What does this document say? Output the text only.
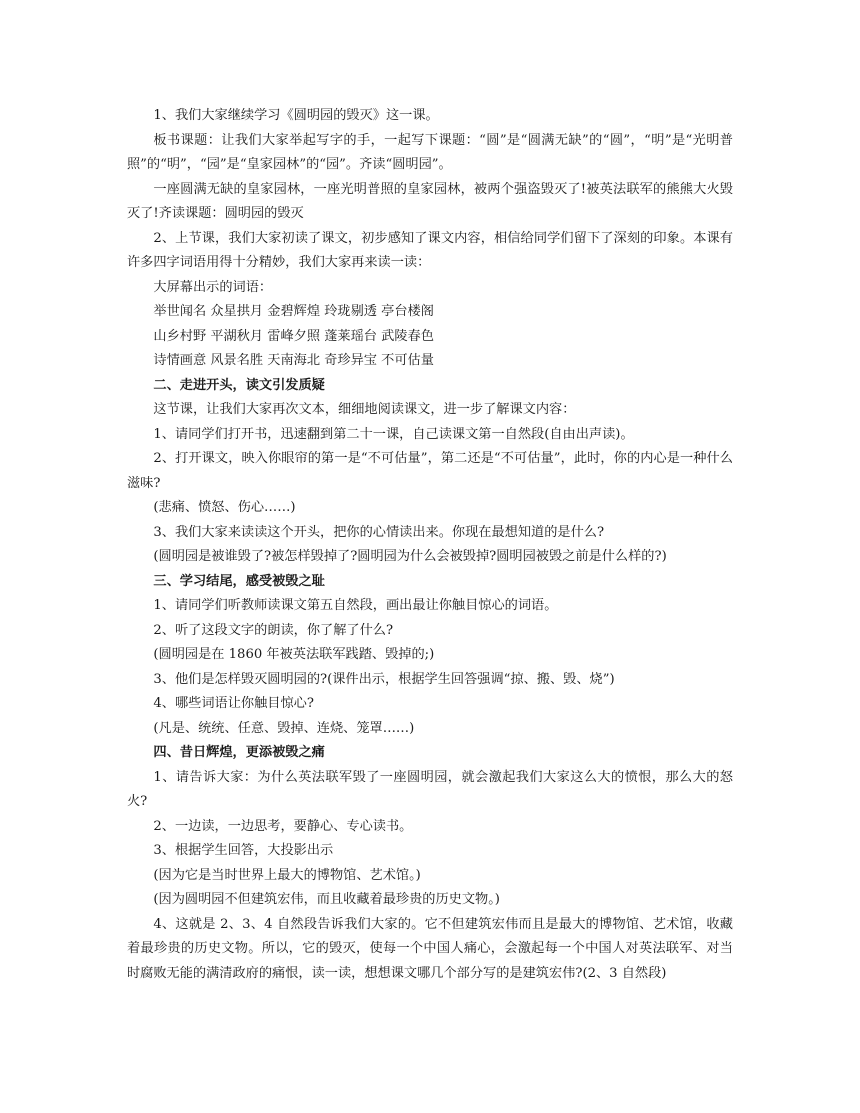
1、我们大家继续学习《圆明园的毁灭》这一课。

板书课题：让我们大家举起写字的手，一起写下课题：“圆”是“圆满无缺”的“圆”，“明”是“光明普照”的“明”，“园”是“皇家园林”的“园”。齐读“圆明园”。

一座圆满无缺的皇家园林，一座光明普照的皇家园林，被两个强盗毁灭了!被英法联军的熊熊大火毁灭了!齐读课题：圆明园的毁灭

2、上节课，我们大家初读了课文，初步感知了课文内容，相信给同学们留下了深刻的印象。本课有许多四字词语用得十分精妙，我们大家再来读一读：

大屏幕出示的词语：

举世闻名 众星拱月 金碧辉煌 玲珑剔透 亭台楼阁

山乡村野 平湖秋月 雷峰夕照 蓬莱瑶台 武陵春色

诗情画意 风景名胜 天南海北 奇珍异宝 不可估量

二、走进开头，读文引发质疑

这节课，让我们大家再次文本，细细地阅读课文，进一步了解课文内容：

1、请同学们打开书，迅速翻到第二十一课，自己读课文第一自然段(自由出声读)。

2、打开课文，映入你眼帘的第一是“不可估量”，第二还是“不可估量”，此时，你的内心是一种什么滋味?

(悲痛、愤怒、伤心……)

3、我们大家来读读这个开头，把你的心情读出来。你现在最想知道的是什么?

(圆明园是被谁毁了?被怎样毁掉了?圆明园为什么会被毁掉?圆明园被毁之前是什么样的?)

三、学习结尾，感受被毁之耻

1、请同学们听教师读课文第五自然段，画出最让你触目惊心的词语。

2、听了这段文字的朗读，你了解了什么?

(圆明园是在 1860 年被英法联军践踏、毁掉的;)

3、他们是怎样毁灭圆明园的?(课件出示，根据学生回答强调“掠、搬、毁、烧”)

4、哪些词语让你触目惊心?

(凡是、统统、任意、毁掉、连烧、笼罩……)

四、昔日辉煌，更添被毁之痛

1、请告诉大家：为什么英法联军毁了一座圆明园，就会激起我们大家这么大的愤恨，那么大的怒火?

2、一边读，一边思考，要静心、专心读书。

3、根据学生回答，大投影出示

(因为它是当时世界上最大的博物馆、艺术馆。)

(因为圆明园不但建筑宏伟，而且收藏着最珍贵的历史文物。)

4、这就是 2、3、4 自然段告诉我们大家的。它不但建筑宏伟而且是最大的博物馆、艺术馆，收藏着最珍贵的历史文物。所以，它的毁灭，使每一个中国人痛心，会激起每一个中国人对英法联军、对当时腐败无能的满清政府的痛恨，读一读，想想课文哪几个部分写的是建筑宏伟?(2、3 自然段)
